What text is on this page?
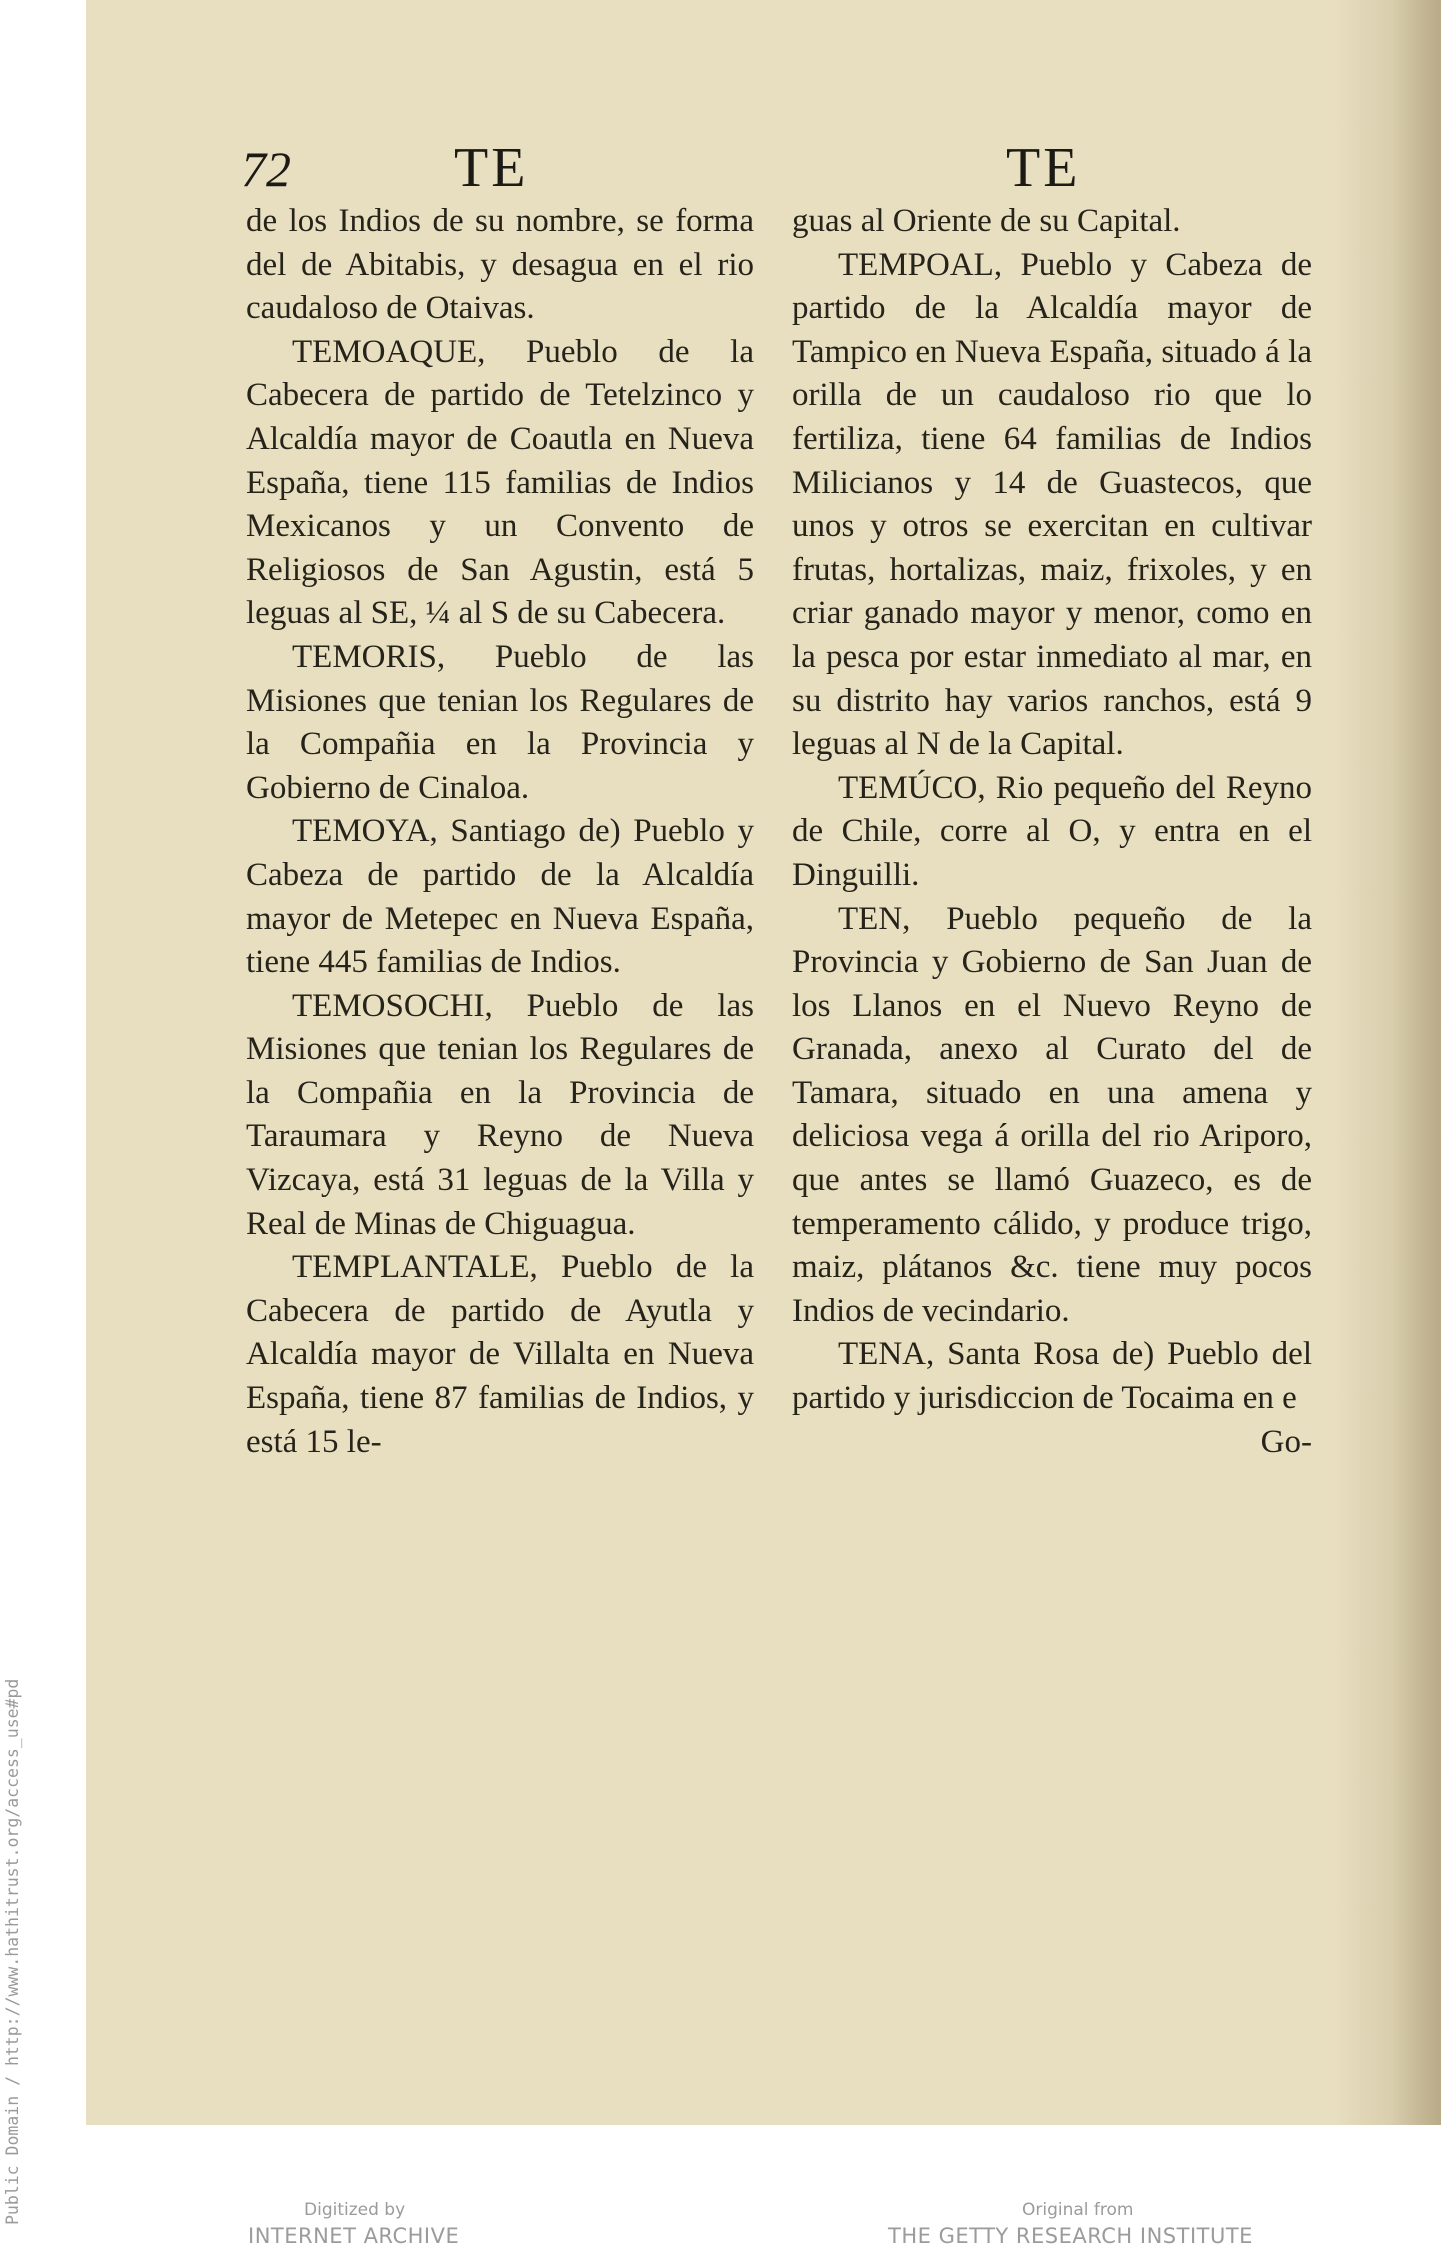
Public Domain / http://www.hathitrust.org/access_use#pd
72	TE	TE

de los Indios de su nombre, se forma del de Abitabis, y desagua en el rio caudaloso de Otaivas.

TEMOAQUE, Pueblo de la Cabecera de partido de Tetelzinco y Alcaldía mayor de Coautla en Nueva España, tiene 115 familias de Indios Mexicanos y un Convento de Religiosos de San Agustin, está 5 leguas al SE, ¼ al S de su Cabecera.

TEMORIS, Pueblo de las Misiones que tenian los Regulares de la Compañia en la Provincia y Gobierno de Cinaloa.

TEMOYA, Santiago de) Pueblo y Cabeza de partido de la Alcaldía mayor de Metepec en Nueva España, tiene 445 familias de Indios.

TEMOSOCHI, Pueblo de las Misiones que tenian los Regulares de la Compañia en la Provincia de Taraumara y Reyno de Nueva Vizcaya, está 31 leguas de la Villa y Real de Minas de Chiguagua.

TEMPLANTALE, Pueblo de la Cabecera de partido de Ayutla y Alcaldía mayor de Villalta en Nueva España, tiene 87 familias de Indios, y está 15 le-

guas al Oriente de su Capital.

TEMPOAL, Pueblo y Cabeza de partido de la Alcaldía mayor de Tampico en Nueva España, situado á la orilla de un caudaloso rio que lo fertiliza, tiene 64 familias de Indios Milicianos y 14 de Guastecos, que unos y otros se exercitan en cultivar frutas, hortalizas, maiz, frixoles, y en criar ganado mayor y menor, como en la pesca por estar inmediato al mar, en su distrito hay varios ranchos, está 9 leguas al N de la Capital.

TEMÚCO, Rio pequeño del Reyno de Chile, corre al O, y entra en el Dinguilli.

TEN, Pueblo pequeño de la Provincia y Gobierno de San Juan de los Llanos en el Nuevo Reyno de Granada, anexo al Curato del de Tamara, situado en una amena y deliciosa vega á orilla del rio Ariporo, que antes se llamó Guazeco, es de temperamento cálido, y produce trigo, maiz, plátanos &c. tiene muy pocos Indios de vecindario.

TENA, Santa Rosa de) Pueblo del partido y jurisdiccion de Tocaima en e

Go-

Digitized by
INTERNET ARCHIVE
Original from
THE GETTY RESEARCH INSTITUTE
